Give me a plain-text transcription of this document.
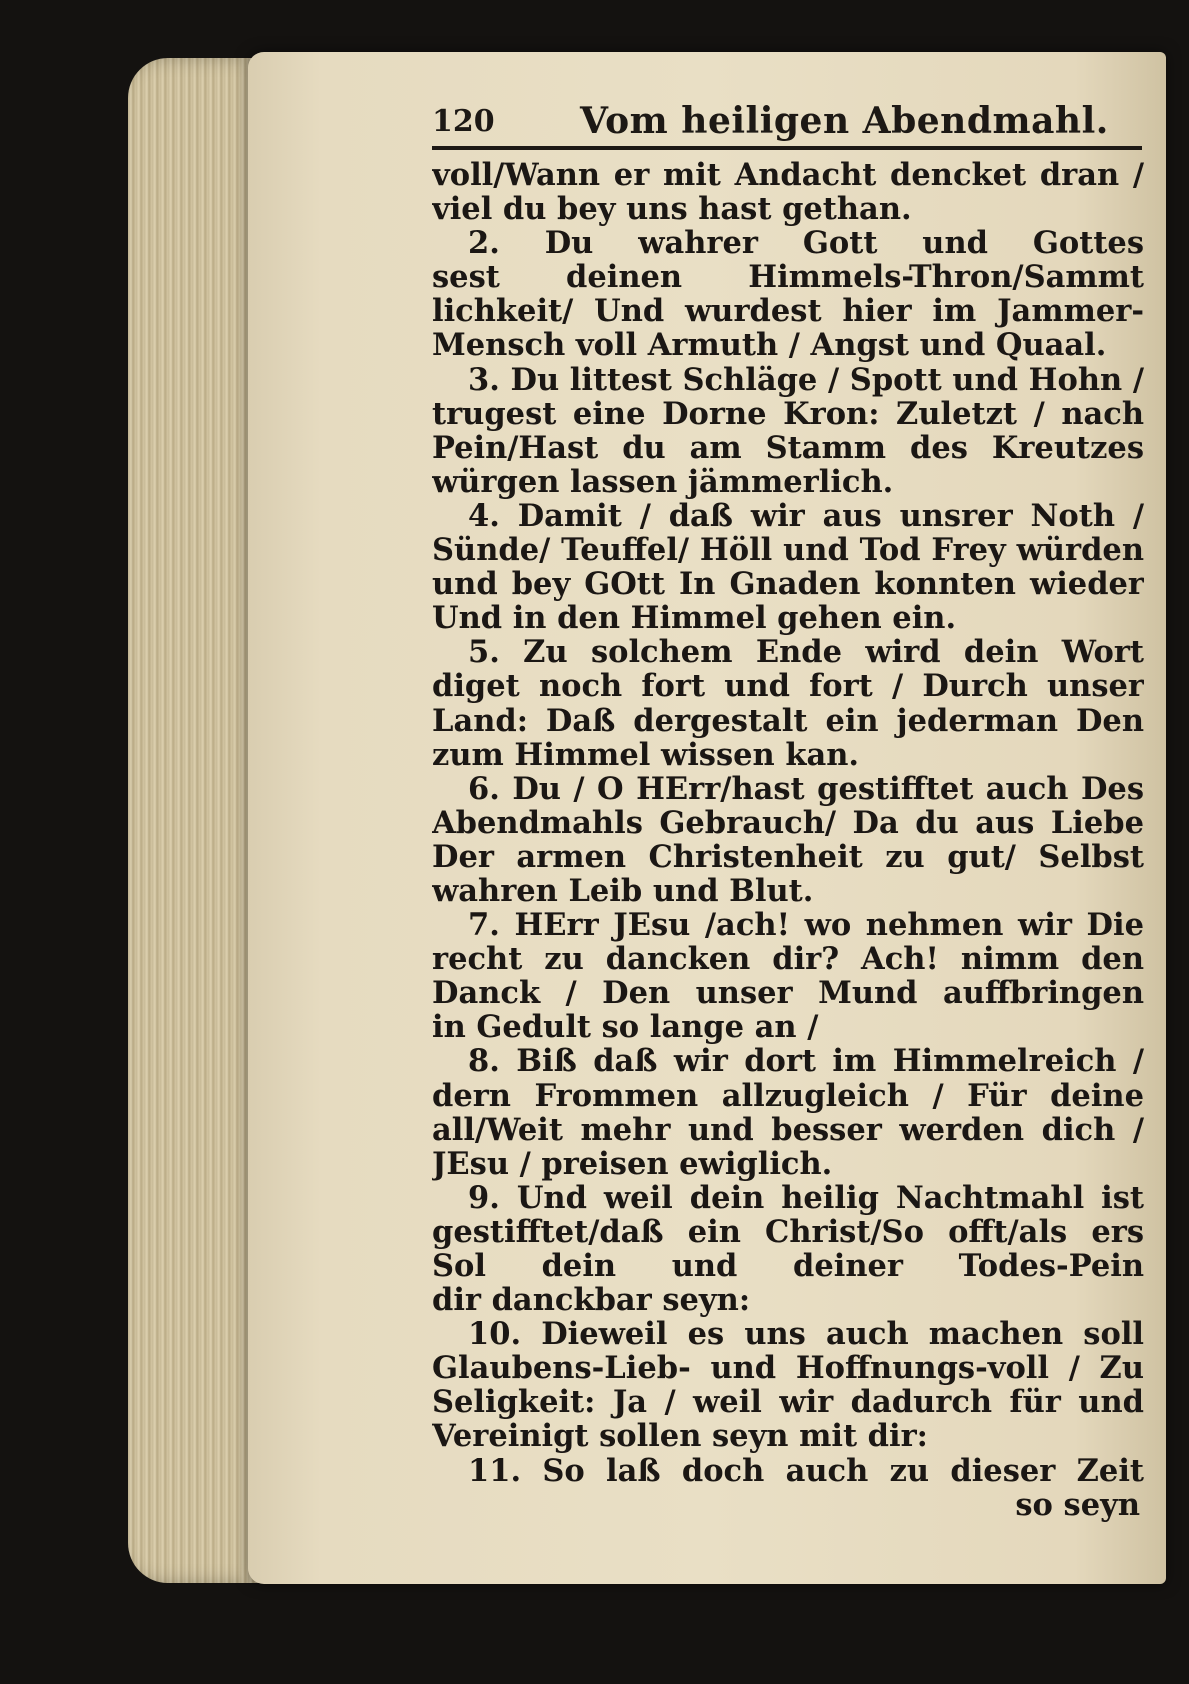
120 Vom heiligen Abendmahl.
voll/Wann er mit Andacht dencket dran /
viel du bey uns hast gethan.
2. Du wahrer Gott und Gottes
sest deinen Himmels-Thron/Sammt
lichkeit/ Und wurdest hier im Jammer-
Mensch voll Armuth / Angst und Quaal.
3. Du littest Schläge / Spott und Hohn /
trugest eine Dorne Kron: Zuletzt / nach
Pein/Hast du am Stamm des Kreutzes
würgen lassen jämmerlich.
4. Damit / daß wir aus unsrer Noth /
Sünde/ Teuffel/ Höll und Tod Frey würden
und bey GOtt In Gnaden konnten wieder
Und in den Himmel gehen ein.
5. Zu solchem Ende wird dein Wort
diget noch fort und fort / Durch unser
Land: Daß dergestalt ein jederman Den
zum Himmel wissen kan.
6. Du / O HErr/hast gestifftet auch Des
Abendmahls Gebrauch/ Da du aus Liebe
Der armen Christenheit zu gut/ Selbst
wahren Leib und Blut.
7. HErr JEsu /ach! wo nehmen wir Die
recht zu dancken dir? Ach! nimm den
Danck / Den unser Mund auffbringen
in Gedult so lange an /
8. Biß daß wir dort im Himmelreich /
dern Frommen allzugleich / Für deine
all/Weit mehr und besser werden dich /
JEsu / preisen ewiglich.
9. Und weil dein heilig Nachtmahl ist
gestifftet/daß ein Christ/So offt/als ers
Sol dein und deiner Todes-Pein
dir danckbar seyn:
10. Dieweil es uns auch machen soll
Glaubens-Lieb- und Hoffnungs-voll / Zu
Seligkeit: Ja / weil wir dadurch für und
Vereinigt sollen seyn mit dir:
11. So laß doch auch zu dieser Zeit
so seyn
